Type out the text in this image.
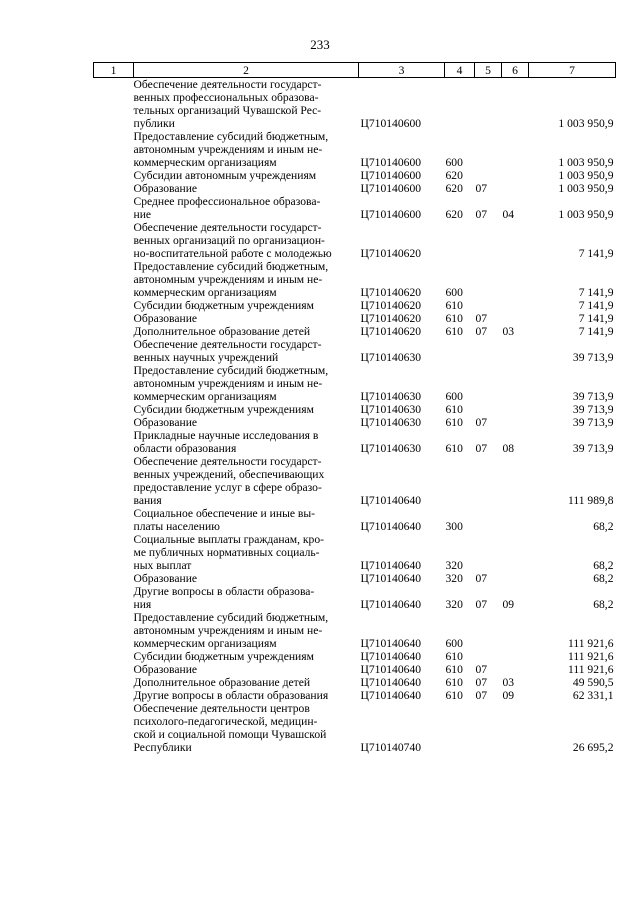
233
1	2	3	4	5	6	7

	Обеспечение деятельности государст-
венных профессиональных образова-
тельных организаций Чувашской Рес-
публики	Ц710140600				1 003 950,9

	Предоставление субсидий бюджетным,
автономным учреждениям и иным не-
коммерческим организациям	Ц710140600	600			1 003 950,9

	Субсидии автономным учреждениям	Ц710140600	620			1 003 950,9

	Образование	Ц710140600	620	07		1 003 950,9

	Среднее профессиональное образова-
ние	Ц710140600	620	07	04	1 003 950,9

	Обеспечение деятельности государст-
венных организаций по организацион-
но-воспитательной работе с молодежью	Ц710140620				7 141,9

	Предоставление субсидий бюджетным,
автономным учреждениям и иным не-
коммерческим организациям	Ц710140620	600			7 141,9

	Субсидии бюджетным учреждениям	Ц710140620	610			7 141,9

	Образование	Ц710140620	610	07		7 141,9

	Дополнительное образование детей	Ц710140620	610	07	03	7 141,9

	Обеспечение деятельности государст-
венных научных учреждений	Ц710140630				39 713,9

	Предоставление субсидий бюджетным,
автономным учреждениям и иным не-
коммерческим организациям	Ц710140630	600			39 713,9

	Субсидии бюджетным учреждениям	Ц710140630	610			39 713,9

	Образование	Ц710140630	610	07		39 713,9

	Прикладные научные исследования в
области образования	Ц710140630	610	07	08	39 713,9

	Обеспечение деятельности государст-
венных учреждений, обеспечивающих
предоставление услуг в сфере образо-
вания	Ц710140640				111 989,8

	Социальное обеспечение и иные вы-
платы населению	Ц710140640	300			68,2

	Социальные выплаты гражданам, кро-
ме публичных нормативных социаль-
ных выплат	Ц710140640	320			68,2

	Образование	Ц710140640	320	07		68,2

	Другие вопросы в области образова-
ния	Ц710140640	320	07	09	68,2

	Предоставление субсидий бюджетным,
автономным учреждениям и иным не-
коммерческим организациям	Ц710140640	600			111 921,6

	Субсидии бюджетным учреждениям	Ц710140640	610			111 921,6

	Образование	Ц710140640	610	07		111 921,6

	Дополнительное образование детей	Ц710140640	610	07	03	49 590,5

	Другие вопросы в области образования	Ц710140640	610	07	09	62 331,1

	Обеспечение деятельности центров
психолого-педагогической, медицин-
ской и социальной помощи Чувашской
Республики	Ц710140740				26 695,2
